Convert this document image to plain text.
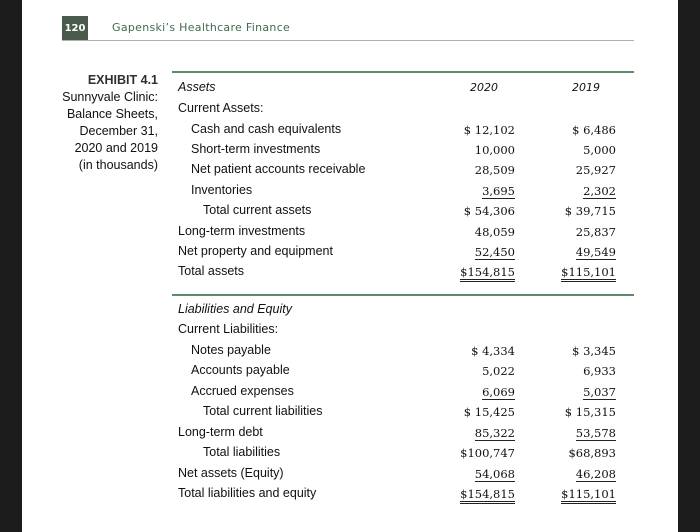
120 Gapenski’s Healthcare Finance
EXHIBIT 4.1
Sunnyvale Clinic:
Balance Sheets,
December 31,
2020 and 2019
(in thousands)
Assets	2020	2019
Current Assets:
Cash and cash equivalents	$ 12,102	$ 6,486
Short-term investments	10,000	5,000
Net patient accounts receivable	28,509	25,927
Inventories	3,695	2,302
Total current assets	$ 54,306	$ 39,715
Long-term investments	48,059	25,837
Net property and equipment	52,450	49,549
Total assets	$154,815	$115,101
Liabilities and Equity
Current Liabilities:
Notes payable	$ 4,334	$ 3,345
Accounts payable	5,022	6,933
Accrued expenses	6,069	5,037
Total current liabilities	$ 15,425	$ 15,315
Long-term debt	85,322	53,578
Total liabilities	$100,747	$68,893
Net assets (Equity)	54,068	46,208
Total liabilities and equity	$154,815	$115,101
